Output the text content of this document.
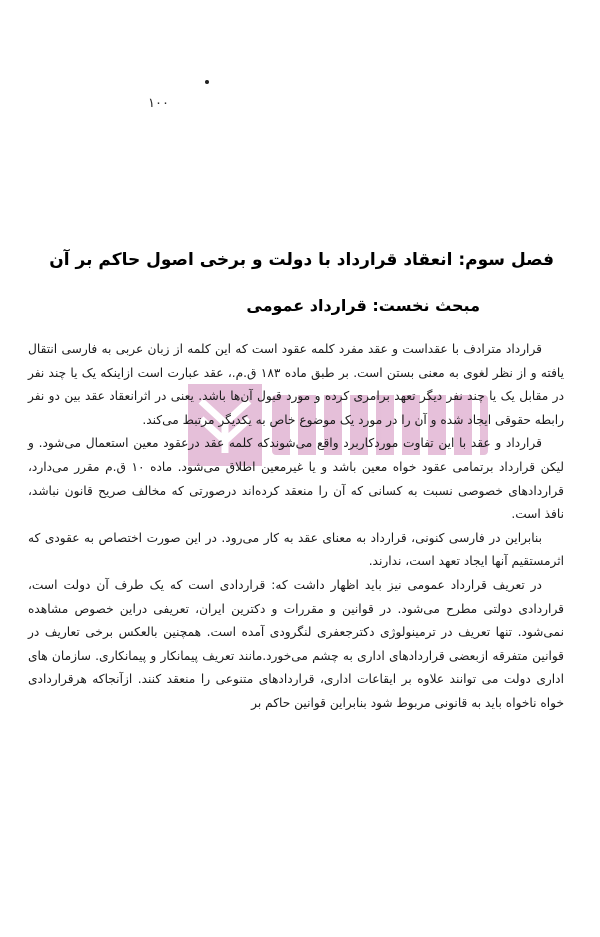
۱۰۰
فصل سوم: انعقاد قرارداد با دولت و برخی اصول حاکم بر آن
مبحث نخست: قرارداد عمومی

قرارداد مترادف با عقداست و عقد مفرد کلمه عقود است که این کلمه از زبان عربی به فارسی انتقال یافته و از نظر لغوی به معنی بستن است. بر طبق ماده ۱۸۳ ق.م.، عقد عبارت است ازاینکه یک یا چند نفر در مقابل یک یا چند نفر دیگر تعهد برامری کرده و مورد قبول آن‌ها باشد. یعنی در اثرانعقاد عقد بین دو نفر رابطه حقوقی ایجاد شده و آن را در مورد یک موضوع خاص به یکدیگر مرتبط می‌کند.

قرارداد و عقد با این تفاوت موردکاربرد واقع می‌شوندکه کلمه عقد درعقود معین استعمال می‌شود. و لیکن قرارداد برتمامی عقود خواه معین باشد و یا غیرمعین اطلاق می‌شود. ماده ۱۰ ق.م مقرر می‌دارد، قراردادهای خصوصی نسبت به کسانی که آن را منعقد کرده‌اند درصورتی که مخالف صریح قانون نباشد، نافذ است.

بنابراین در فارسی کنونی، قرارداد به معنای عقد به کار می‌رود. در این صورت اختصاص به عقودی که اثرمستقیم آنها ایجاد تعهد است، ندارند.

در تعریف قرارداد عمومی نیز باید اظهار داشت که: قراردادی است که یک طرف آن دولت است، قراردادی دولتی مطرح می‌شود. در قوانین و مقررات و دکترین ایران، تعریفی دراین خصوص مشاهده نمی‌شود. تنها تعریف در ترمینولوژی دکترجعفری لنگرودی آمده است. همچنین بالعکس برخی تعاریف در قوانین متفرقه ازبعضی قراردادهای اداری به چشم می‌خورد.مانند تعریف پیمانکار و پیمانکاری. سازمان های اداری دولت می توانند علاوه بر ایقاعات اداری، قراردادهای متنوعی را منعقد کنند. ازآنجاکه هرقراردادی خواه ناخواه باید به قانونی مربوط شود بنابراین قوانین حاکم بر
